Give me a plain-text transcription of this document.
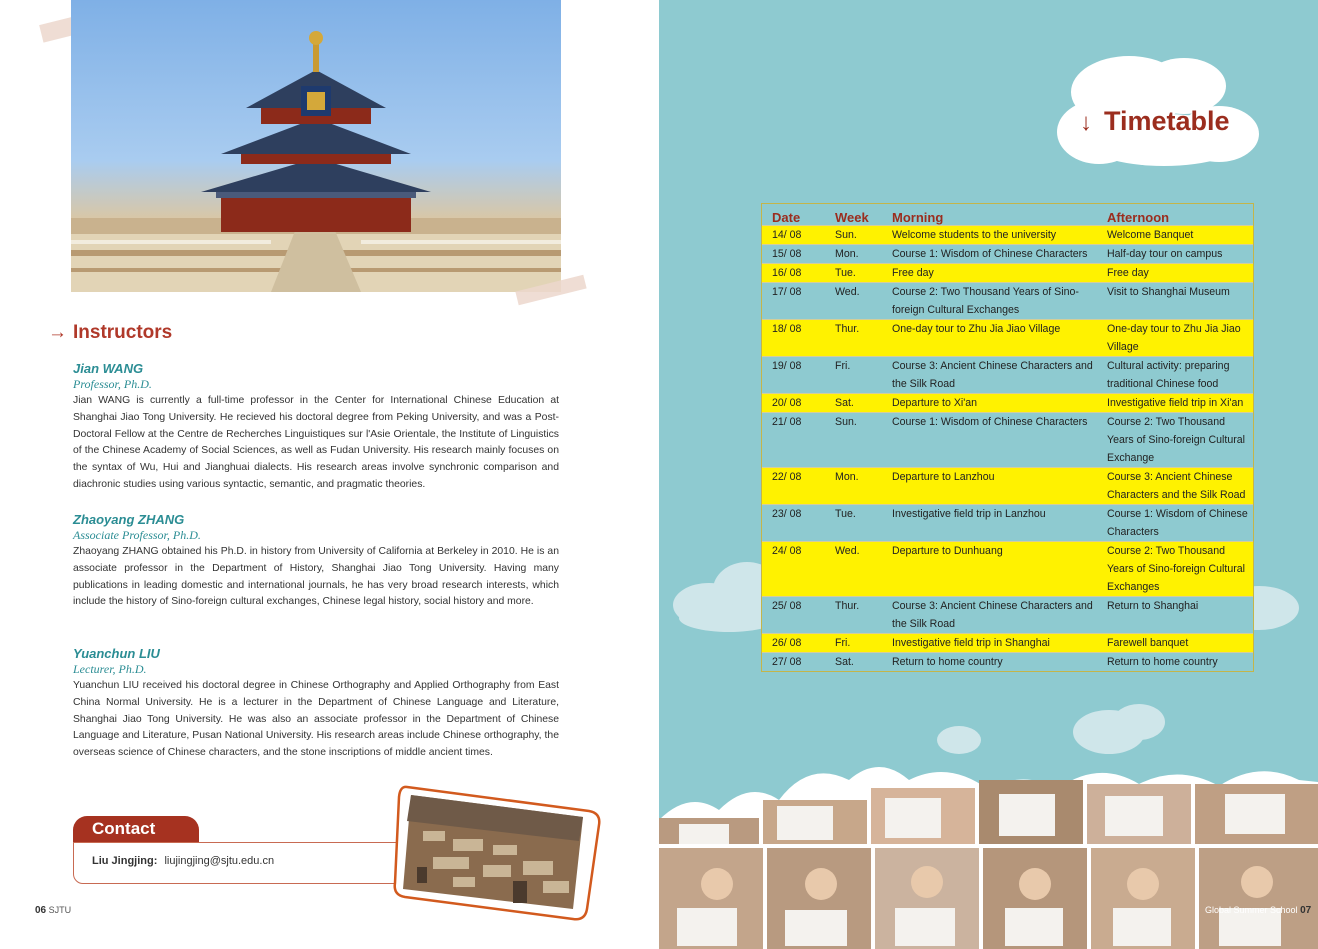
→ Instructors
Jian WANG
Professor, Ph.D.
Jian WANG is currently a full-time professor in the Center for International Chinese Education at Shanghai Jiao Tong University. He recieved his doctoral degree from Peking University, and was a Post-Doctoral Fellow at the Centre de Recherches Linguistiques sur l'Asie Orientale, the Institute of Linguistics of the Chinese Academy of Social Sciences, as well as Fudan University. His research mainly focuses on the syntax of Wu, Hui and Jianghuai dialects. His research areas involve synchronic comparison and diachronic studies using various syntactic, semantic, and pragmatic theories.
Zhaoyang ZHANG
Associate Professor, Ph.D.
Zhaoyang ZHANG obtained his Ph.D. in history from University of California at Berkeley in 2010. He is an associate professor in the Department of History, Shanghai Jiao Tong University. Having many publications in leading domestic and international journals, he has very broad research interests, which include the history of Sino-foreign cultural exchanges, Chinese legal history, social history and more.
Yuanchun LIU
Lecturer, Ph.D.
Yuanchun LIU received his doctoral degree in Chinese Orthography and Applied Orthography from East China Normal University. He is a lecturer in the Department of Chinese Language and Literature, Shanghai Jiao Tong University. He was also an associate professor in the Department of Chinese Language and Literature, Pusan National University. His research areas include Chinese orthography, the overseas science of Chinese characters, and the stone inscriptions of middle ancient times.
Contact
Liu Jingjing: liujingjing@sjtu.edu.cn
06 SJTU
↓ Timetable
Date	Week	Morning	Afternoon
14/ 08	Sun.	Welcome students to the university	Welcome Banquet
15/ 08	Mon.	Course 1: Wisdom of Chinese Characters	Half-day tour on campus
16/ 08	Tue.	Free day	Free day
17/ 08	Wed.	Course 2: Two Thousand Years of Sino-foreign Cultural Exchanges	Visit to Shanghai Museum
18/ 08	Thur.	One-day tour to Zhu Jia Jiao Village	One-day tour to Zhu Jia Jiao Village
19/ 08	Fri.	Course 3: Ancient Chinese Characters and the Silk Road	Cultural activity: preparing traditional Chinese food
20/ 08	Sat.	Departure to Xi'an	Investigative field trip in Xi'an
21/ 08	Sun.	Course 1: Wisdom of Chinese Characters	Course 2: Two Thousand Years of Sino-foreign Cultural Exchange
22/ 08	Mon.	Departure to Lanzhou	Course 3: Ancient Chinese Characters and the Silk Road
23/ 08	Tue.	Investigative field trip in Lanzhou	Course 1: Wisdom of Chinese Characters
24/ 08	Wed.	Departure to Dunhuang	Course 2: Two Thousand Years of Sino-foreign Cultural Exchanges
25/ 08	Thur.	Course 3: Ancient Chinese Characters and the Silk Road	Return to Shanghai
26/ 08	Fri.	Investigative field trip in Shanghai	Farewell banquet
27/ 08	Sat.	Return to home country	Return to home country
Global Summer School 07
